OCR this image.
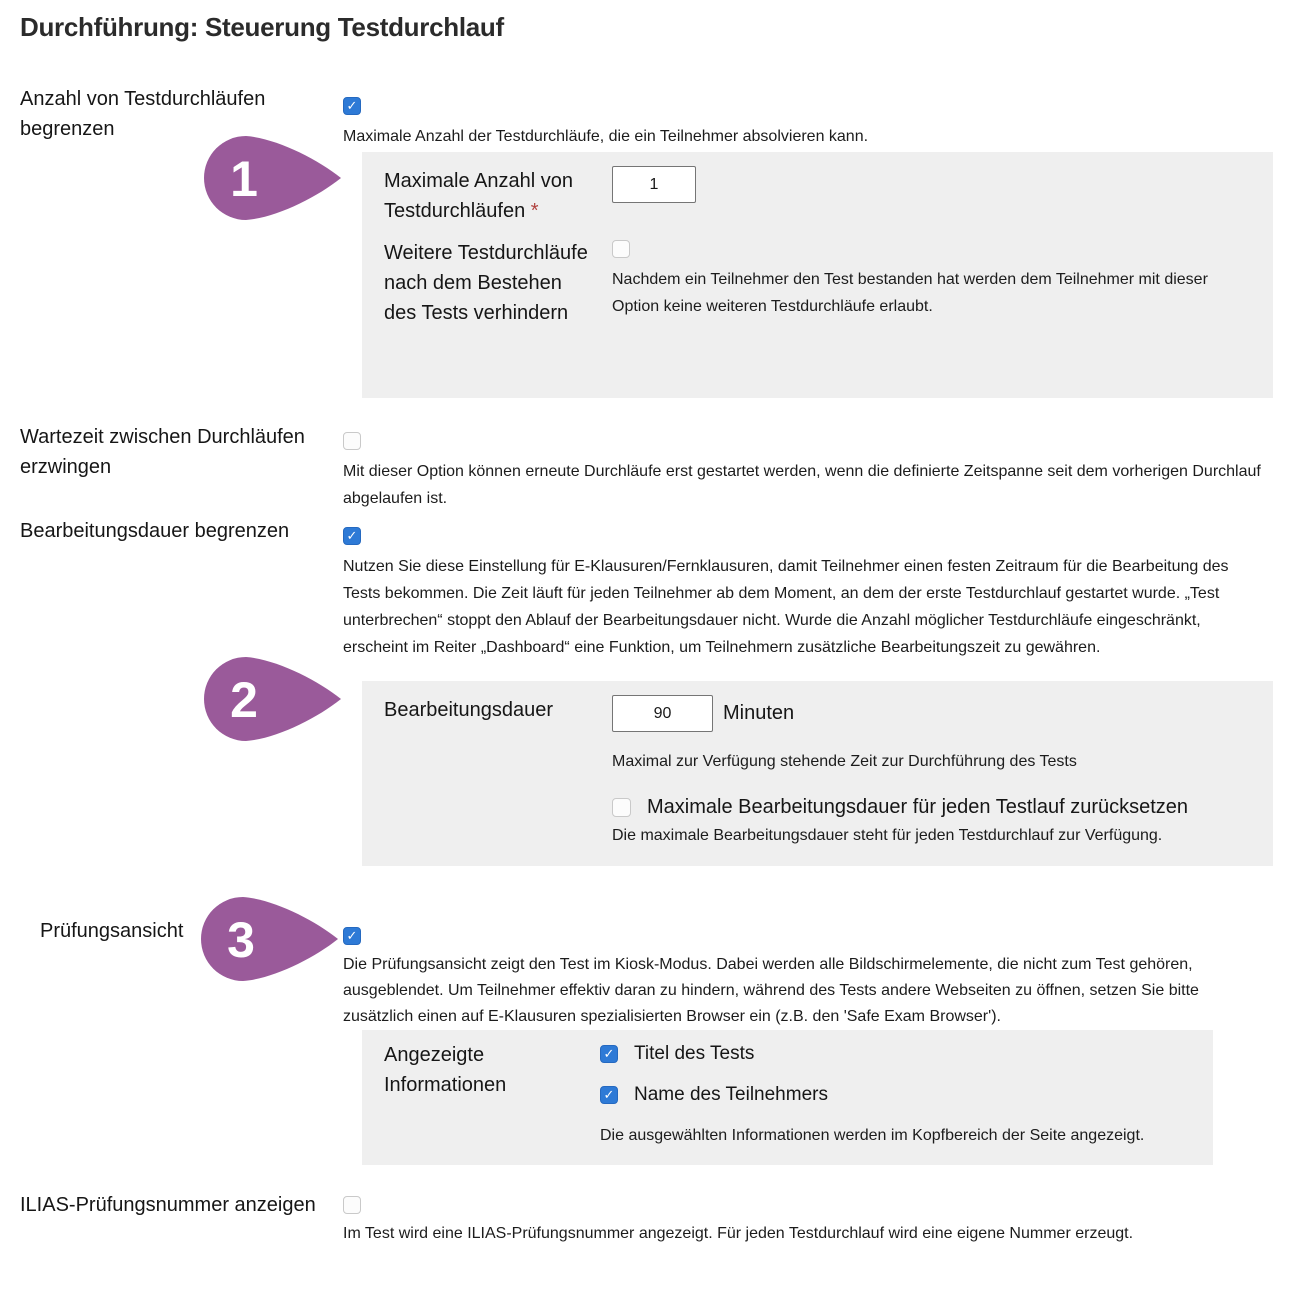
Durchführung: Steuerung Testdurchlauf
Anzahl von Testdurchläufen begrenzen
✓	Maximale Anzahl der Testdurchläufe, die ein Teilnehmer absolvieren kann.
Maximale Anzahl von Testdurchläufen *
1
Weitere Testdurchläufe nach dem Bestehen des Tests verhindern
Nachdem ein Teilnehmer den Test bestanden hat werden dem Teilnehmer mit dieser Option keine weiteren Testdurchläufe erlaubt.
Wartezeit zwischen Durchläufen erzwingen	Mit dieser Option können erneute Durchläufe erst gestartet werden, wenn die definierte Zeitspanne seit dem vorherigen Durchlauf abgelaufen ist.
Bearbeitungsdauer begrenzen
✓
Nutzen Sie diese Einstellung für E-Klausuren/Fernklausuren, damit Teilnehmer einen festen Zeitraum für die Bearbeitung des Tests bekommen. Die Zeit läuft für jeden Teilnehmer ab dem Moment, an dem der erste Testdurchlauf gestartet wurde. „Test unterbrechen“ stoppt den Ablauf der Bearbeitungsdauer nicht. Wurde die Anzahl möglicher Testdurchläufe eingeschränkt, erscheint im Reiter „Dashboard“ eine Funktion, um Teilnehmern zusätzliche Bearbeitungszeit zu gewähren.
Bearbeitungsdauer
90	Minuten
Maximal zur Verfügung stehende Zeit zur Durchführung des Tests
Maximale Bearbeitungsdauer für jeden Testlauf zurücksetzen
Die maximale Bearbeitungsdauer steht für jeden Testdurchlauf zur Verfügung.
Prüfungsansicht
✓
Die Prüfungsansicht zeigt den Test im Kiosk-Modus. Dabei werden alle Bildschirmelemente, die nicht zum Test gehören, ausgeblendet. Um Teilnehmer effektiv daran zu hindern, während des Tests andere Webseiten zu öffnen, setzen Sie bitte zusätzlich einen auf E-Klausuren spezialisierten Browser ein (z.B. den 'Safe Exam Browser').
Angezeigte Informationen
✓
Titel des Tests
✓
Name des Teilnehmers
Die ausgewählten Informationen werden im Kopfbereich der Seite angezeigt.
ILIAS-Prüfungsnummer anzeigen
Im Test wird eine ILIAS-Prüfungsnummer angezeigt. Für jeden Testdurchlauf wird eine eigene Nummer erzeugt.
1
2
3
